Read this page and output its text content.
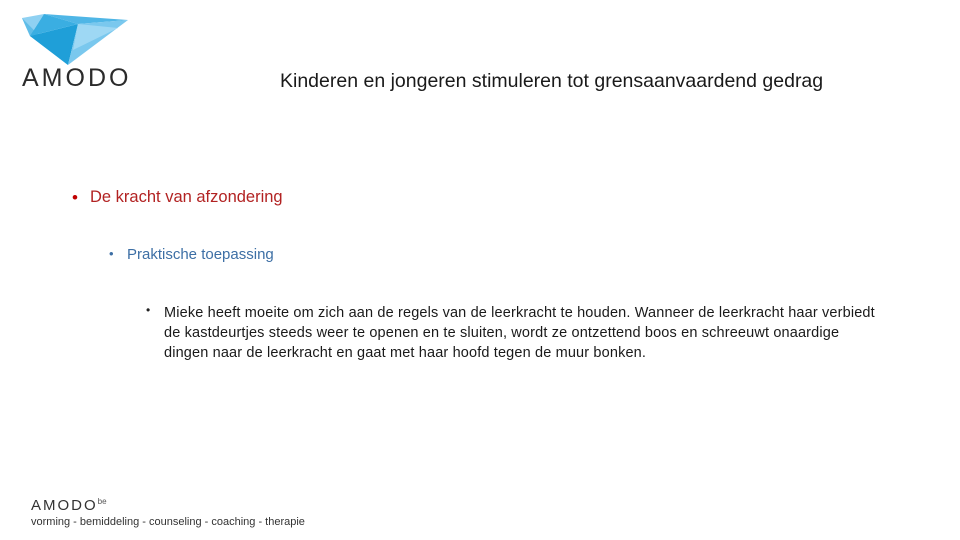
AMODO	Kinderen en jongeren stimuleren tot grensaanvaardend gedrag
• De kracht van afzondering
• Praktische toepassing
• Mieke heeft moeite om zich aan de regels van de leerkracht te houden. Wanneer de leerkracht haar verbiedt de kastdeurtjes steeds weer te openen en te sluiten, wordt ze ontzettend boos en schreeuwt onaardige dingen naar de leerkracht en gaat met haar hoofd tegen de muur bonken.
$AMODO^{be}$
vorming - bemiddeling - counseling - coaching - therapie
